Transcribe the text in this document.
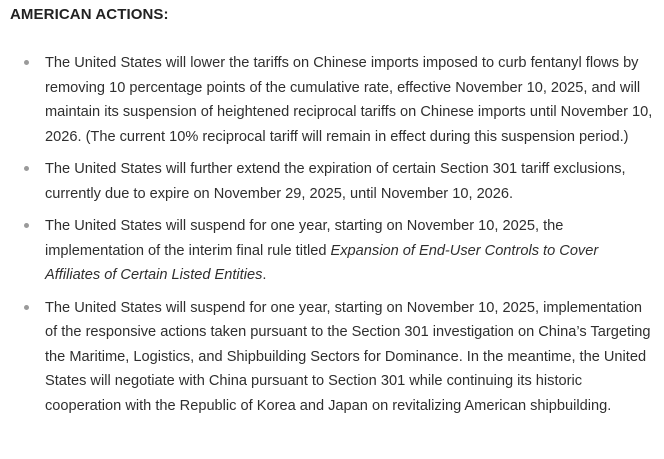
AMERICAN ACTIONS:
The United States will lower the tariffs on Chinese imports imposed to curb fentanyl flows by removing 10 percentage points of the cumulative rate, effective November 10, 2025, and will maintain its suspension of heightened reciprocal tariffs on Chinese imports until November 10, 2026. (The current 10% reciprocal tariff will remain in effect during this suspension period.)
The United States will further extend the expiration of certain Section 301 tariff exclusions, currently due to expire on November 29, 2025, until November 10, 2026.
The United States will suspend for one year, starting on November 10, 2025, the implementation of the interim final rule titled Expansion of End-User Controls to Cover Affiliates of Certain Listed Entities.
The United States will suspend for one year, starting on November 10, 2025, implementation of the responsive actions taken pursuant to the Section 301 investigation on China’s Targeting the Maritime, Logistics, and Shipbuilding Sectors for Dominance. In the meantime, the United States will negotiate with China pursuant to Section 301 while continuing its historic cooperation with the Republic of Korea and Japan on revitalizing American shipbuilding.
